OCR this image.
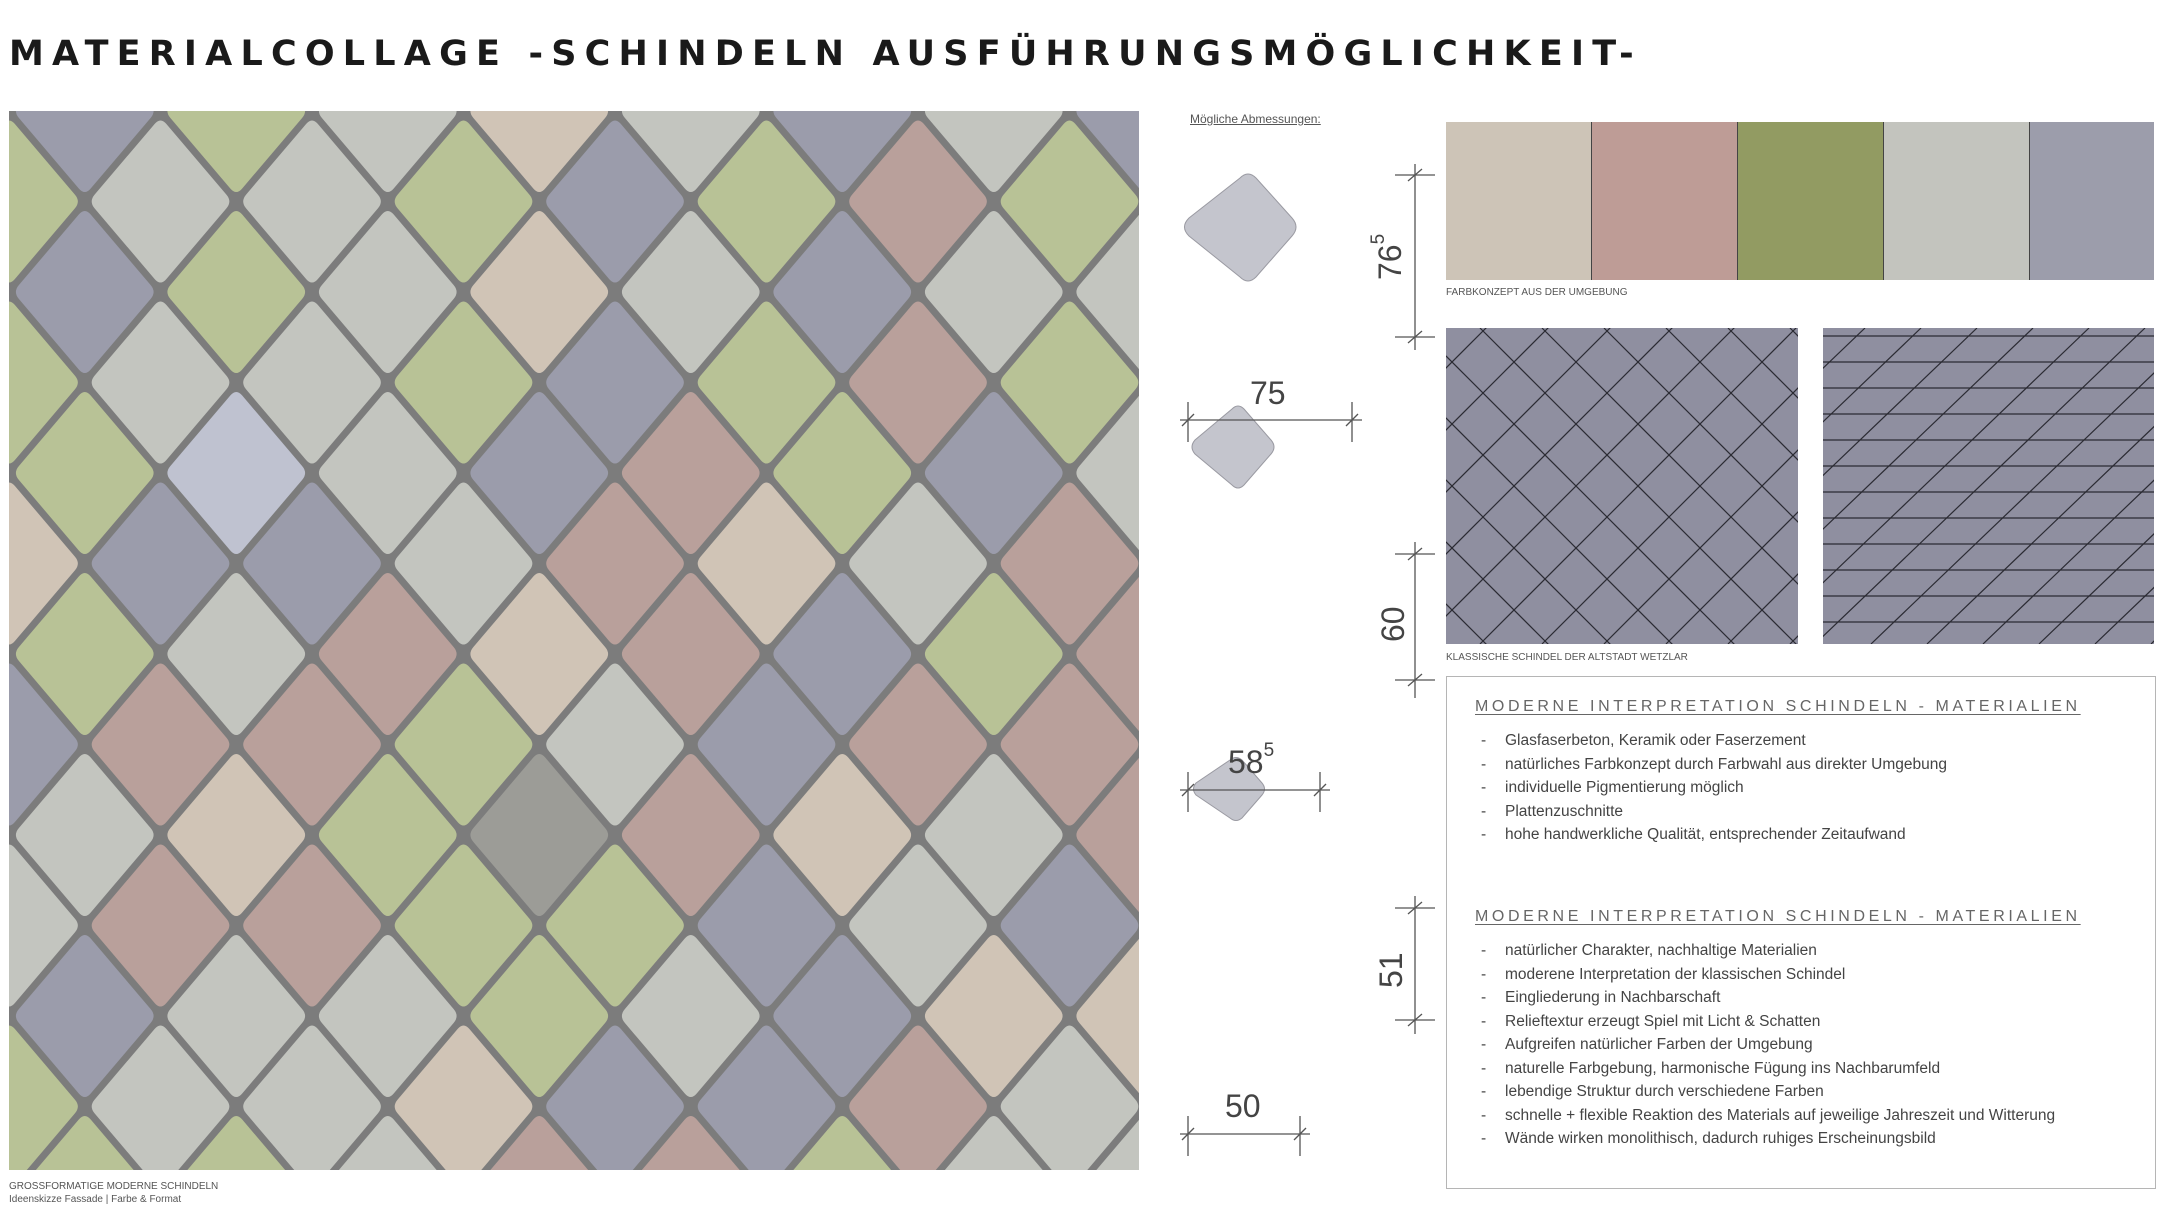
MATERIALCOLLAGE -SCHINDELN AUSFÜHRUNGSMÖGLICHKEIT-
GROSSFORMATIGE MODERNE SCHINDELN
Ideenskizze Fassade | Farbe & Format
Mögliche Abmessungen:
75
$58^5$
50
$76^5$
60
51
FARBKONZEPT AUS DER UMGEBUNG
KLASSISCHE SCHINDEL DER ALTSTADT WETZLAR
MODERNE INTERPRETATION SCHINDELN - MATERIALIEN
- Glasfaserbeton, Keramik oder Faserzement
- natürliches Farbkonzept durch Farbwahl aus direkter Umgebung
- individuelle Pigmentierung möglich
- Plattenzuschnitte
- hohe handwerkliche Qualität, entsprechender Zeitaufwand
MODERNE INTERPRETATION SCHINDELN - MATERIALIEN
- natürlicher Charakter, nachhaltige Materialien
- moderene Interpretation der klassischen Schindel
- Eingliederung in Nachbarschaft
- Relieftextur erzeugt Spiel mit Licht & Schatten
- Aufgreifen natürlicher Farben der Umgebung
- naturelle Farbgebung, harmonische Fügung ins Nachbarumfeld
- lebendige Struktur durch verschiedene Farben
- schnelle + flexible Reaktion des Materials auf jeweilige Jahreszeit und Witterung
- Wände wirken monolithisch, dadurch ruhiges Erscheinungsbild
